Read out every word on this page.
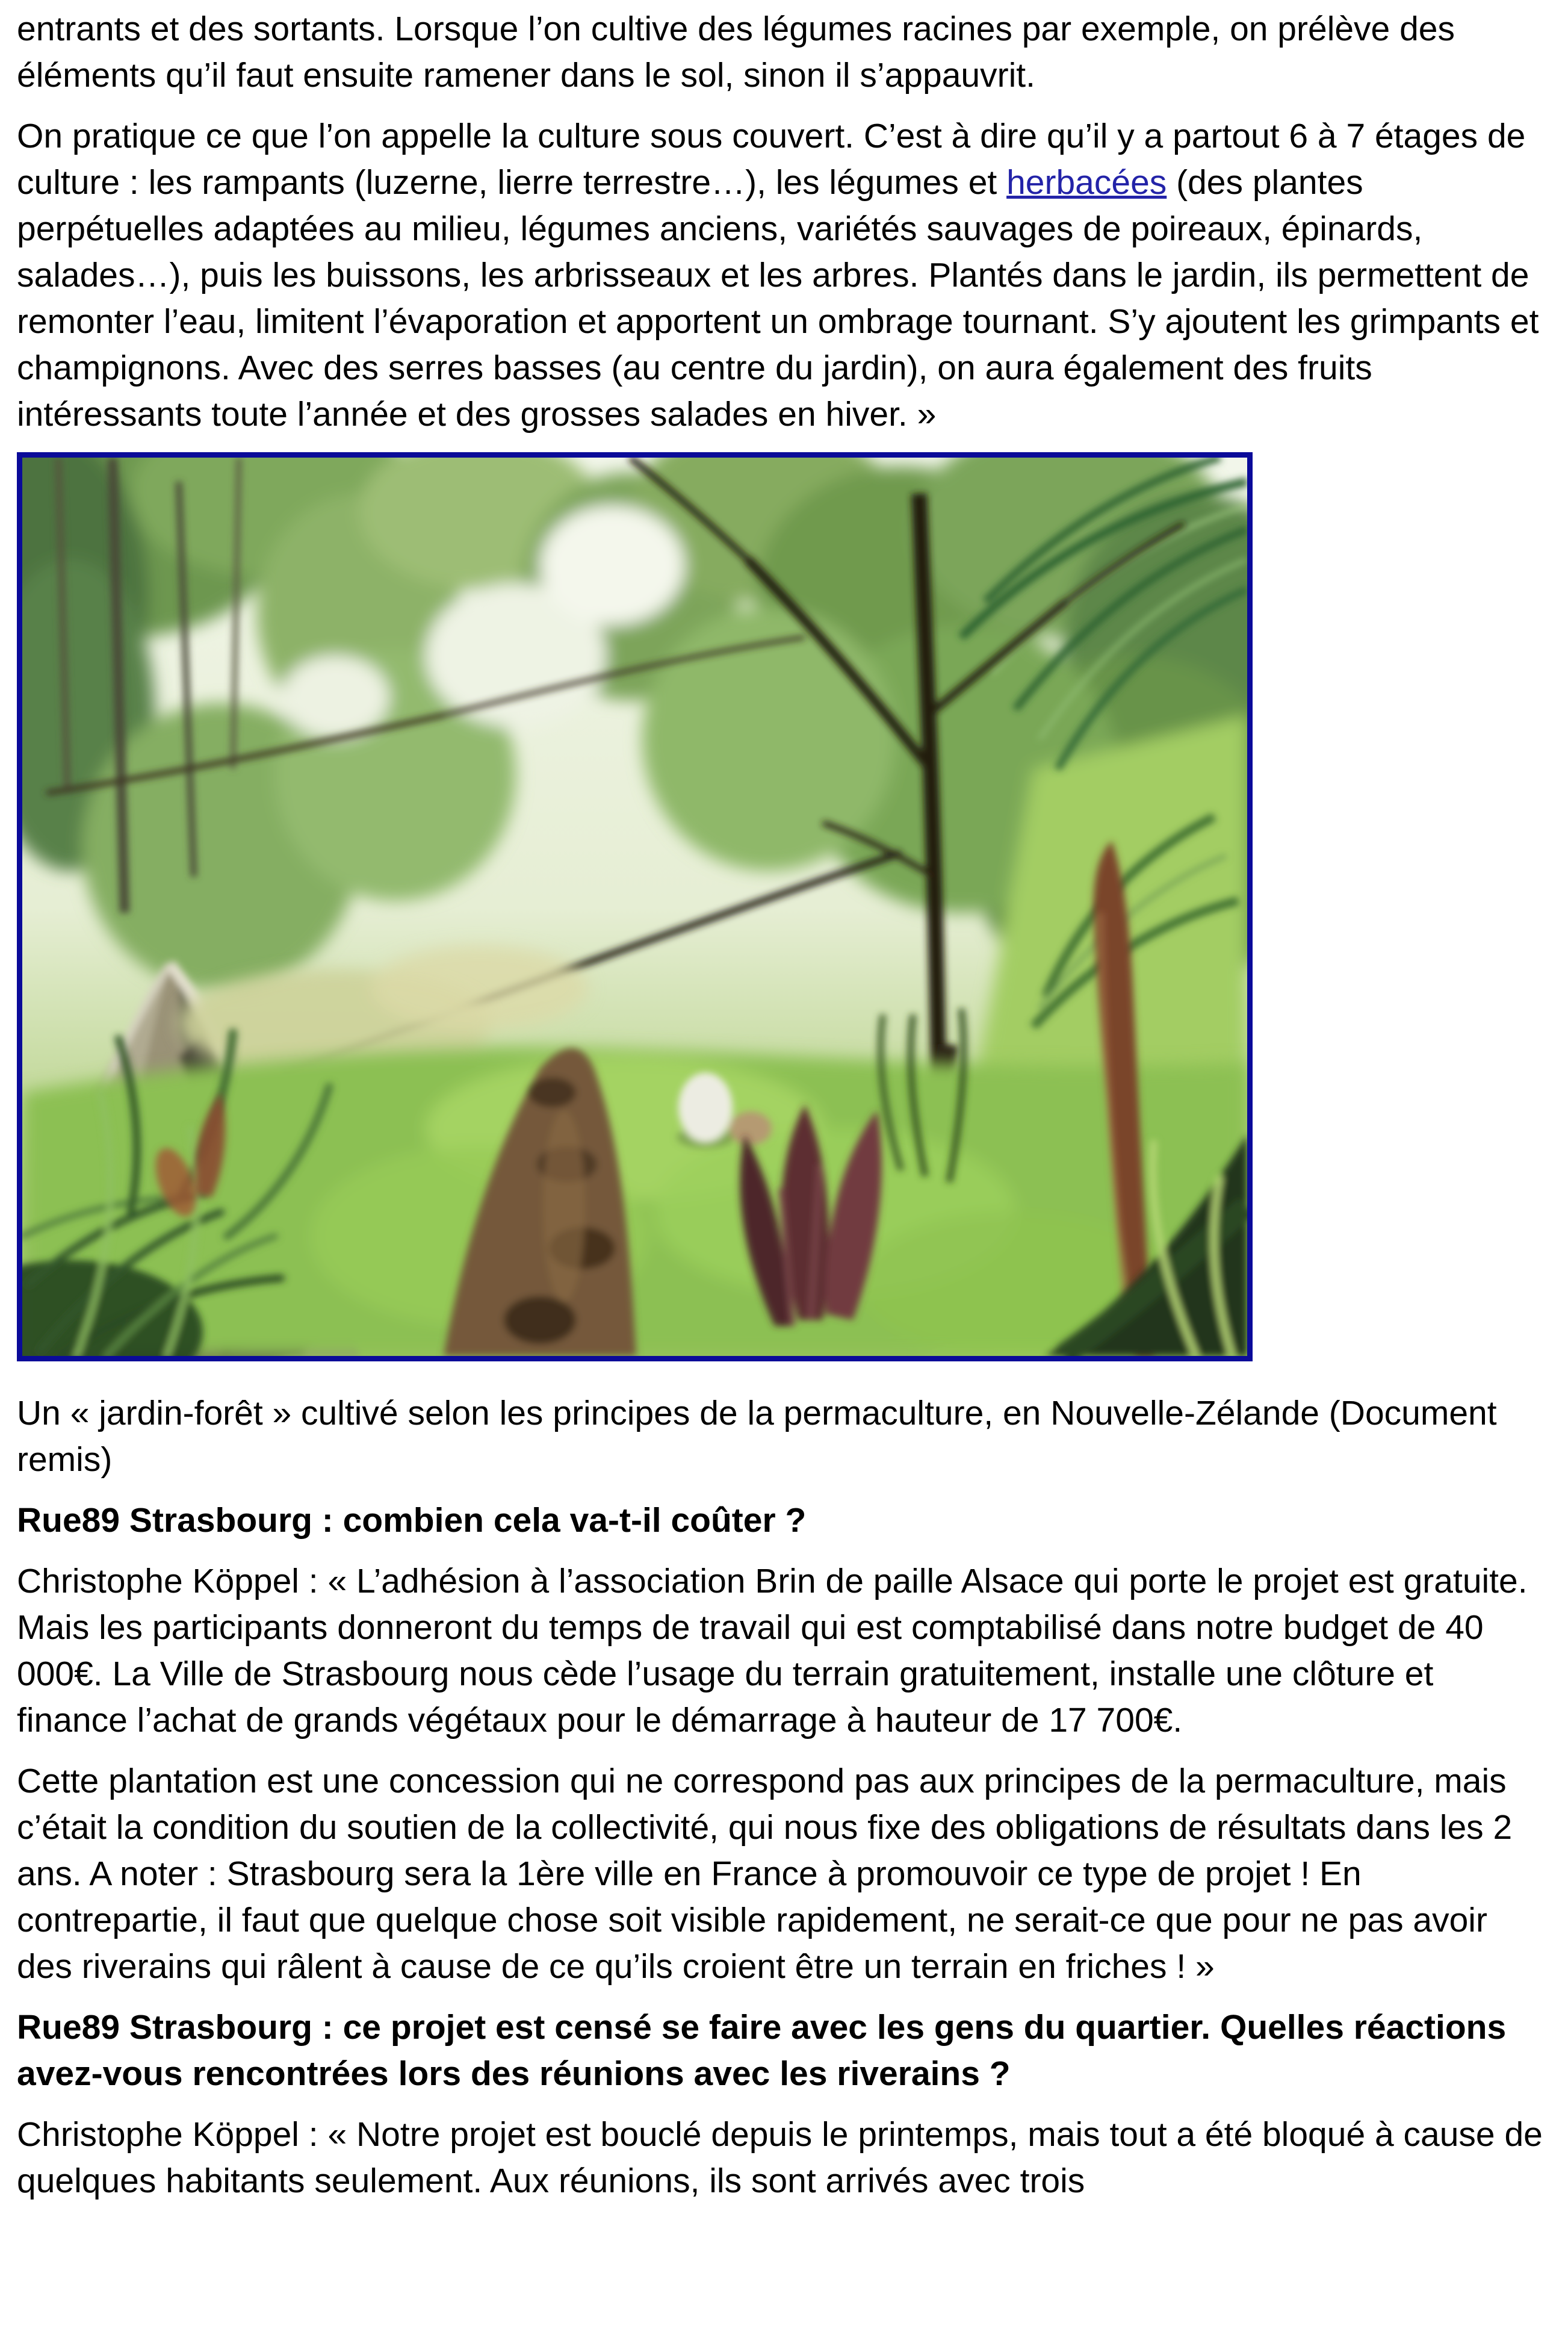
entrants et des sortants. Lorsque l’on cultive des légumes racines par exemple, on prélève des éléments qu’il faut ensuite ramener dans le sol, sinon il s’appauvrit.

On pratique ce que l’on appelle la culture sous couvert. C’est à dire qu’il y a partout 6 à 7 étages de culture : les rampants (luzerne, lierre terrestre…), les légumes et herbacées (des plantes perpétuelles adaptées au milieu, légumes anciens, variétés sauvages de poireaux, épinards, salades…), puis les buissons, les arbrisseaux et les arbres. Plantés dans le jardin, ils permettent de remonter l’eau, limitent l’évaporation et apportent un ombrage tournant. S’y ajoutent les grimpants et champignons. Avec des serres basses (au centre du jardin), on aura également des fruits intéressants toute l’année et des grosses salades en hiver. »

Un « jardin-forêt » cultivé selon les principes de la permaculture, en Nouvelle-Zélande (Document remis)

Rue89 Strasbourg : combien cela va-t-il coûter ?

Christophe Köppel : « L’adhésion à l’association Brin de paille Alsace qui porte le projet est gratuite. Mais les participants donneront du temps de travail qui est comptabilisé dans notre budget de 40 000€. La Ville de Strasbourg nous cède l’usage du terrain gratuitement, installe une clôture et finance l’achat de grands végétaux pour le démarrage à hauteur de 17 700€.

Cette plantation est une concession qui ne correspond pas aux principes de la permaculture, mais c’était la condition du soutien de la collectivité, qui nous fixe des obligations de résultats dans les 2 ans. A noter : Strasbourg sera la 1ère ville en France à promouvoir ce type de projet ! En contrepartie, il faut que quelque chose soit visible rapidement, ne serait-ce que pour ne pas avoir des riverains qui râlent à cause de ce qu’ils croient être un terrain en friches ! »

Rue89 Strasbourg : ce projet est censé se faire avec les gens du quartier. Quelles réactions avez-vous rencontrées lors des réunions avec les riverains ?

Christophe Köppel : « Notre projet est bouclé depuis le printemps, mais tout a été bloqué à cause de quelques habitants seulement. Aux réunions, ils sont arrivés avec trois
